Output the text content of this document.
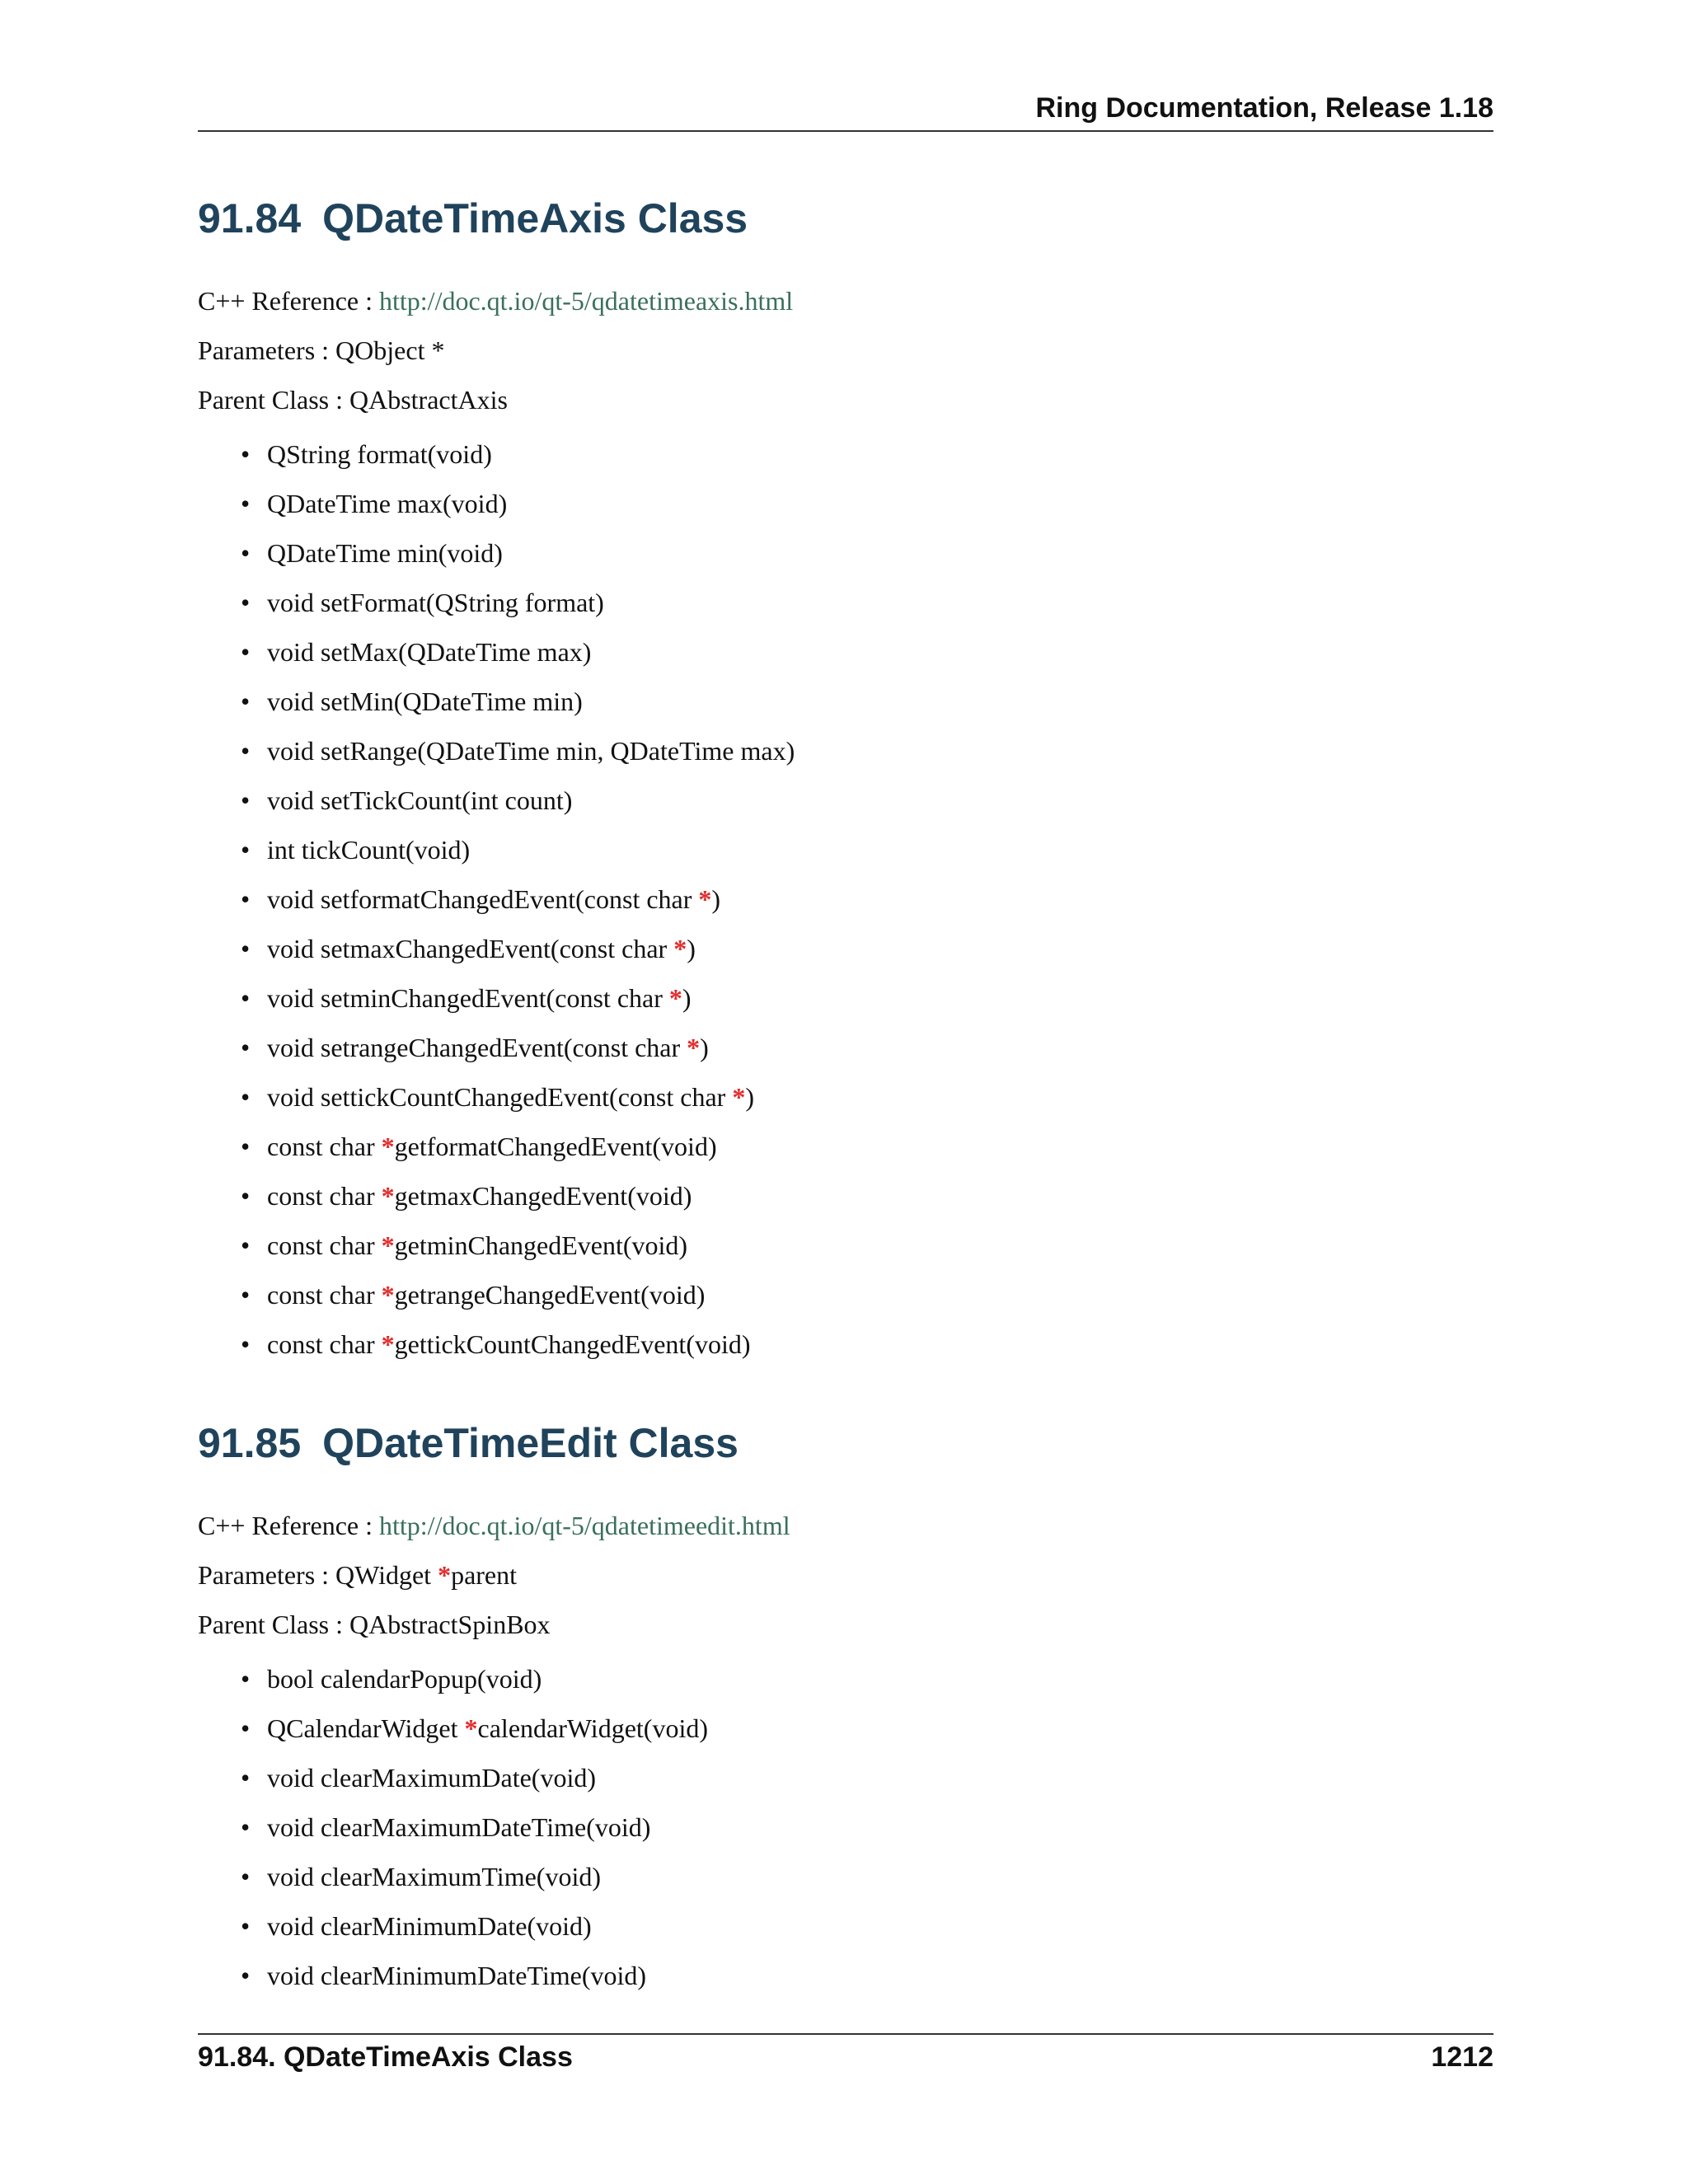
Ring Documentation, Release 1.18
91.84 QDateTimeAxis Class
C++ Reference : http://doc.qt.io/qt-5/qdatetimeaxis.html
Parameters : QObject *
Parent Class : QAbstractAxis
• QString format(void)
• QDateTime max(void)
• QDateTime min(void)
• void setFormat(QString format)
• void setMax(QDateTime max)
• void setMin(QDateTime min)
• void setRange(QDateTime min, QDateTime max)
• void setTickCount(int count)
• int tickCount(void)
• void setformatChangedEvent(const char *)
• void setmaxChangedEvent(const char *)
• void setminChangedEvent(const char *)
• void setrangeChangedEvent(const char *)
• void settickCountChangedEvent(const char *)
• const char *getformatChangedEvent(void)
• const char *getmaxChangedEvent(void)
• const char *getminChangedEvent(void)
• const char *getrangeChangedEvent(void)
• const char *gettickCountChangedEvent(void)
91.85 QDateTimeEdit Class
C++ Reference : http://doc.qt.io/qt-5/qdatetimeedit.html
Parameters : QWidget *parent
Parent Class : QAbstractSpinBox
• bool calendarPopup(void)
• QCalendarWidget *calendarWidget(void)
• void clearMaximumDate(void)
• void clearMaximumDateTime(void)
• void clearMaximumTime(void)
• void clearMinimumDate(void)
• void clearMinimumDateTime(void)
91.84. QDateTimeAxis Class	1212
